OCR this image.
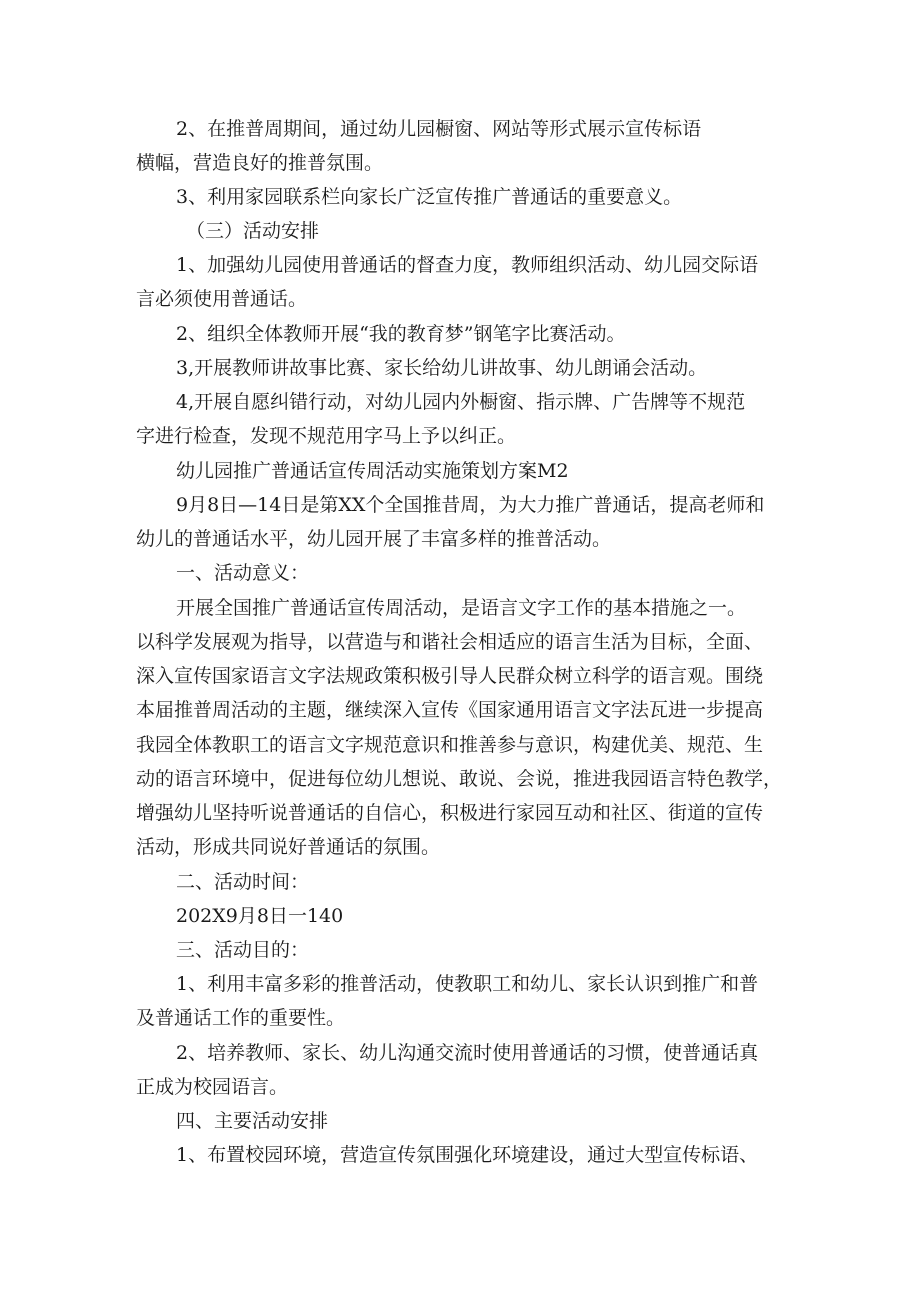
2、在推普周期间，通过幼儿园橱窗、网站等形式展示宣传标语
横幅，营造良好的推普氛围。
3、利用家园联系栏向家长广泛宣传推广普通话的重要意义。
（三）活动安排
1、加强幼儿园使用普通话的督查力度，教师组织活动、幼儿园交际语
言必须使用普通话。
2、组织全体教师开展“我的教育梦”钢笔字比赛活动。
3,开展教师讲故事比赛、家长给幼儿讲故事、幼儿朗诵会活动。
4,开展自愿纠错行动，对幼儿园内外橱窗、指示牌、广告牌等不规范
字进行检查，发现不规范用字马上予以纠正。
幼儿园推广普通话宣传周活动实施策划方案M2
9月8日—14日是第XX个全国推昔周，为大力推广普通话，提高老师和
幼儿的普通话水平，幼儿园开展了丰富多样的推普活动。
一、活动意义：
开展全国推广普通话宣传周活动，是语言文字工作的基本措施之一。
以科学发展观为指导，以营造与和谐社会相适应的语言生活为目标，全面、
深入宣传国家语言文字法规政策积极引导人民群众树立科学的语言观。围绕
本届推普周活动的主题，继续深入宣传《国家通用语言文字法瓦进一步提高
我园全体教职工的语言文字规范意识和推善参与意识，构建优美、规范、生
动的语言环境中，促进每位幼儿想说、敢说、会说，推进我园语言特色教学，
增强幼儿坚持听说普通话的自信心，积极进行家园互动和社区、街道的宣传
活动，形成共同说好普通话的氛围。
二、活动时间：
202X9月8日一140
三、活动目的：
1、利用丰富多彩的推普活动，使教职工和幼儿、家长认识到推广和普
及普通话工作的重要性。
2、培养教师、家长、幼儿沟通交流时使用普通话的习惯，使普通话真
正成为校园语言。
四、主要活动安排
1、布置校园环境，营造宣传氛围强化环境建设，通过大型宣传标语、
